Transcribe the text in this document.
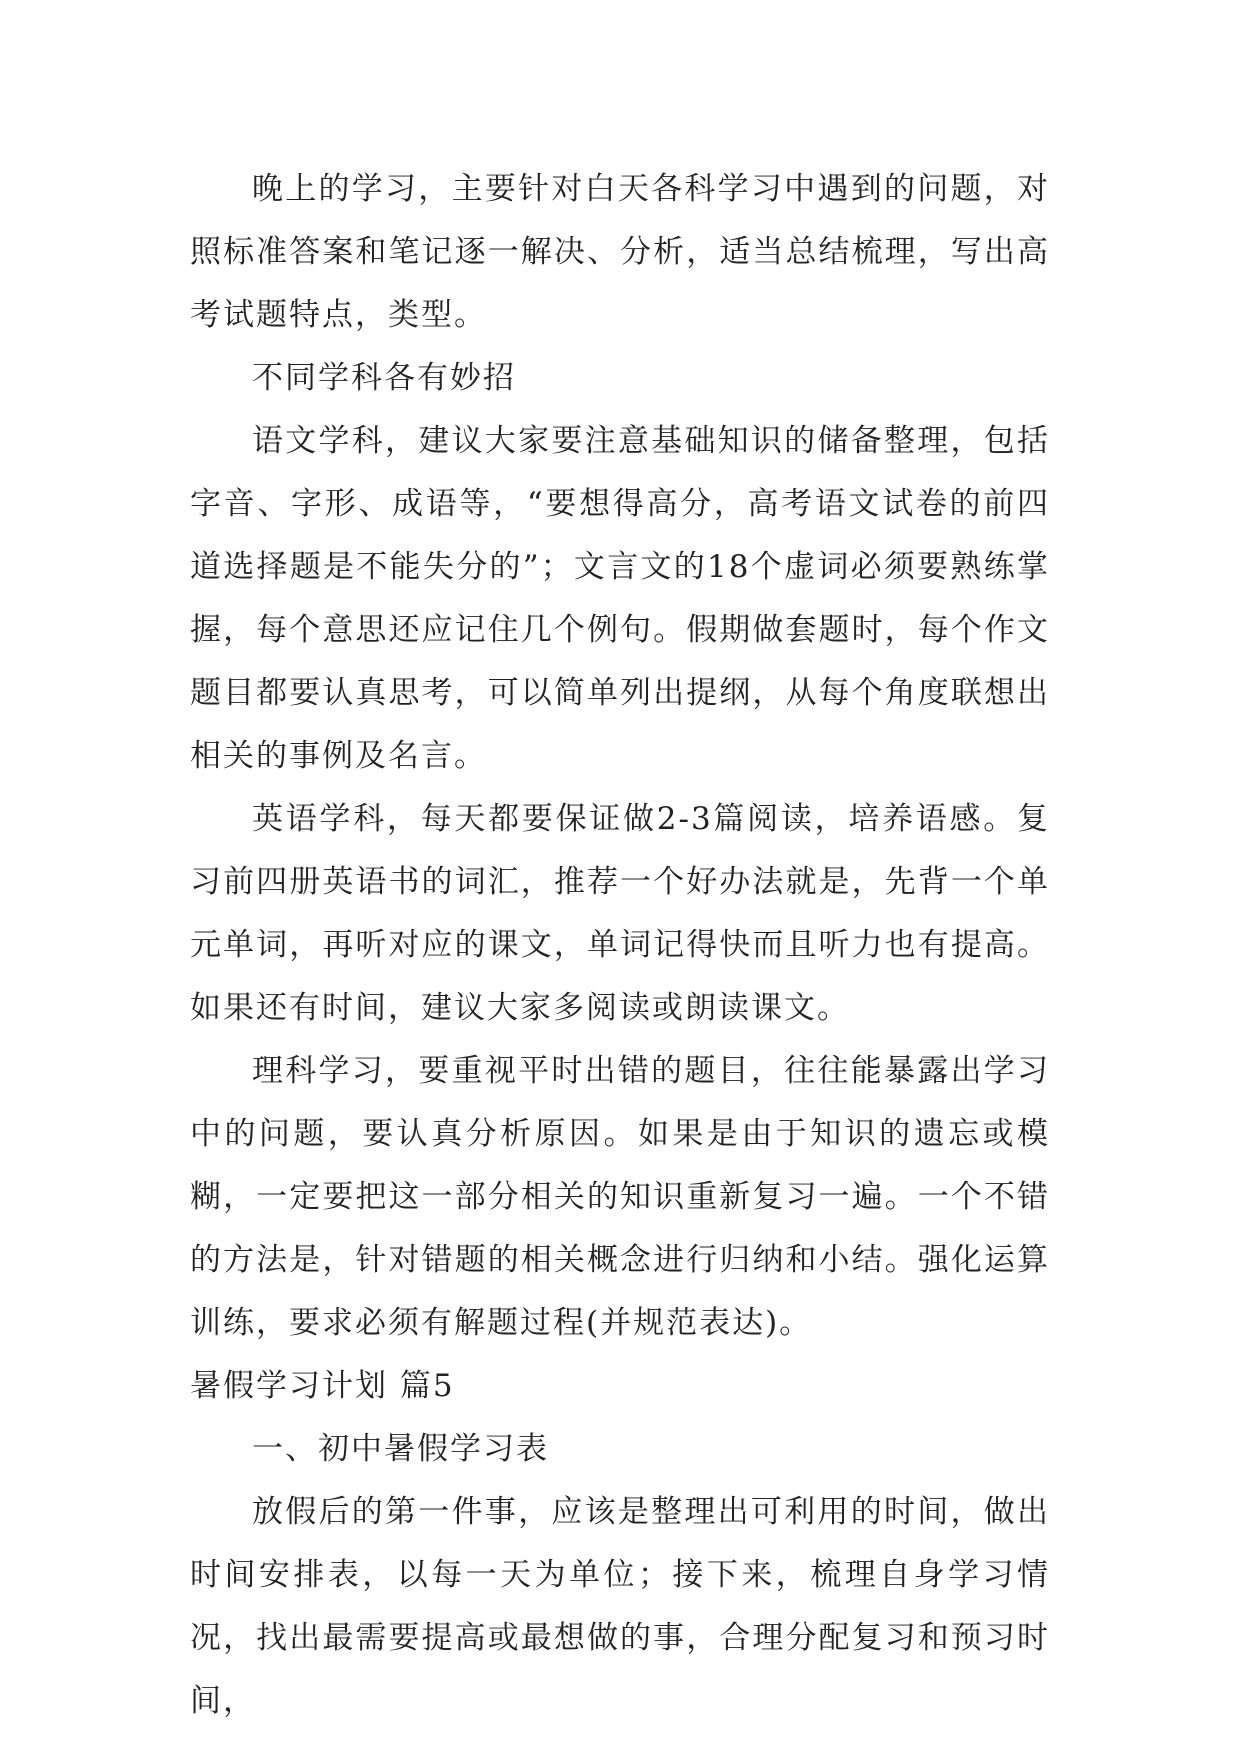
晚上的学习，主要针对白天各科学习中遇到的问题，对照标准答案和笔记逐一解决、分析，适当总结梳理，写出高考试题特点，类型。

不同学科各有妙招

语文学科，建议大家要注意基础知识的储备整理，包括字音、字形、成语等，“要想得高分，高考语文试卷的前四道选择题是不能失分的”；文言文的18个虚词必须要熟练掌握，每个意思还应记住几个例句。假期做套题时，每个作文题目都要认真思考，可以简单列出提纲，从每个角度联想出相关的事例及名言。

英语学科，每天都要保证做2-3篇阅读，培养语感。复习前四册英语书的词汇，推荐一个好办法就是，先背一个单元单词，再听对应的课文，单词记得快而且听力也有提高。如果还有时间，建议大家多阅读或朗读课文。

理科学习，要重视平时出错的题目，往往能暴露出学习中的问题，要认真分析原因。如果是由于知识的遗忘或模糊，一定要把这一部分相关的知识重新复习一遍。一个不错的方法是，针对错题的相关概念进行归纳和小结。强化运算训练，要求必须有解题过程(并规范表达)。

暑假学习计划 篇5

一、初中暑假学习表

放假后的第一件事，应该是整理出可利用的时间，做出时间安排表，以每一天为单位；接下来，梳理自身学习情况，找出最需要提高或最想做的事，合理分配复习和预习时间，
